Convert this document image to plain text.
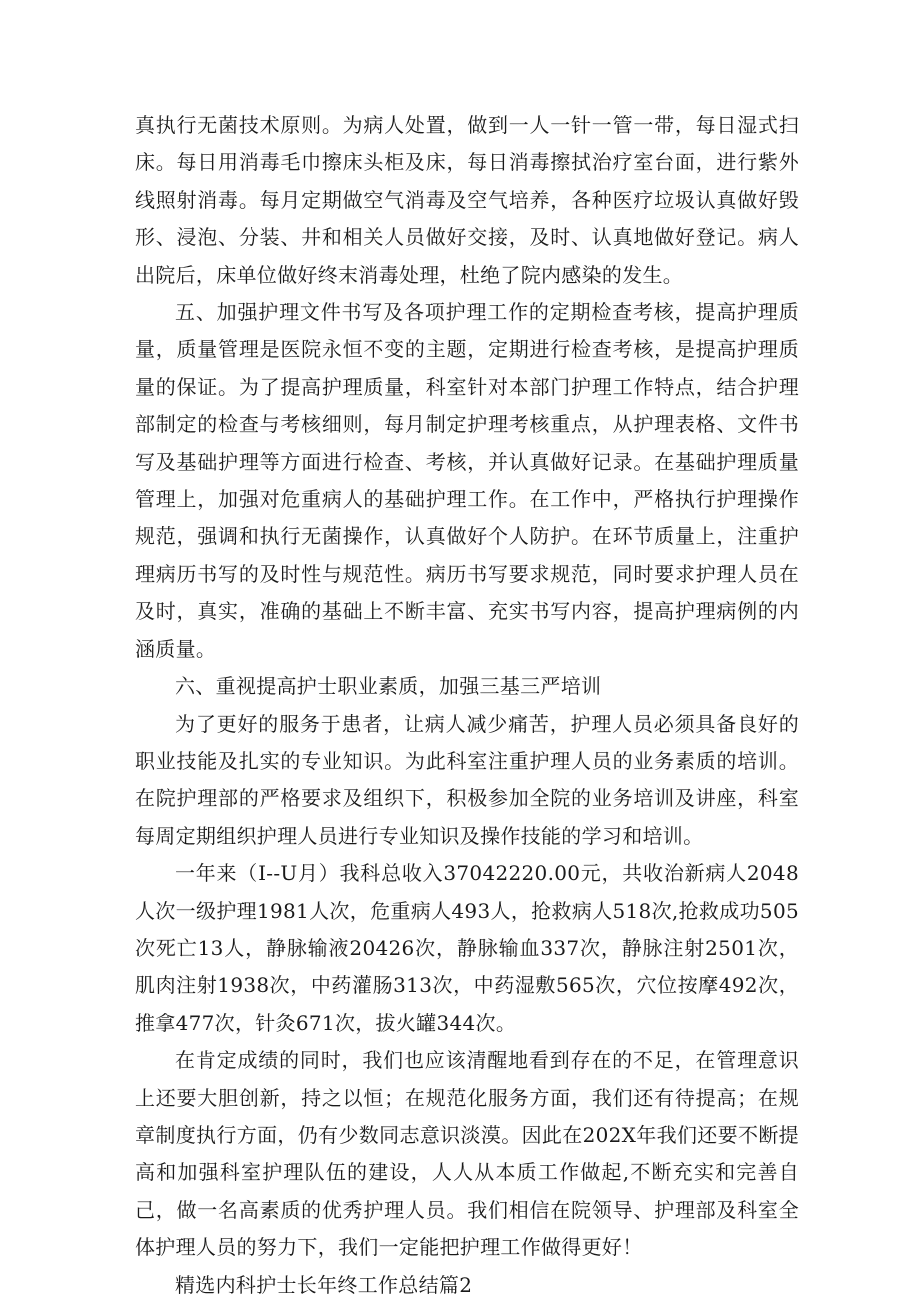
真执行无菌技术原则。为病人处置，做到一人一针一管一带，每日湿式扫床。每日用消毒毛巾擦床头柜及床，每日消毒擦拭治疗室台面，进行紫外线照射消毒。每月定期做空气消毒及空气培养，各种医疗垃圾认真做好毁形、浸泡、分装、井和相关人员做好交接，及时、认真地做好登记。病人出院后，床单位做好终末消毒处理，杜绝了院内感染的发生。

五、加强护理文件书写及各项护理工作的定期检查考核，提高护理质量，质量管理是医院永恒不变的主题，定期进行检查考核，是提高护理质量的保证。为了提高护理质量，科室针对本部门护理工作特点，结合护理部制定的检查与考核细则，每月制定护理考核重点，从护理表格、文件书写及基础护理等方面进行检查、考核，并认真做好记录。在基础护理质量管理上，加强对危重病人的基础护理工作。在工作中，严格执行护理操作规范，强调和执行无菌操作，认真做好个人防护。在环节质量上，注重护理病历书写的及时性与规范性。病历书写要求规范，同时要求护理人员在及时，真实，准确的基础上不断丰富、充实书写内容，提高护理病例的内涵质量。

六、重视提高护士职业素质，加强三基三严培训

为了更好的服务于患者，让病人减少痛苦，护理人员必须具备良好的职业技能及扎实的专业知识。为此科室注重护理人员的业务素质的培训。在院护理部的严格要求及组织下，积极参加全院的业务培训及讲座，科室每周定期组织护理人员进行专业知识及操作技能的学习和培训。

一年来（I--U月）我科总收入37042220.00元，共收治新病人2048人次一级护理1981人次，危重病人493人，抢救病人518次,抢救成功505次死亡13人，静脉输液20426次，静脉输血337次，静脉注射2501次，肌肉注射1938次，中药灌肠313次，中药湿敷565次，穴位按摩492次，推拿477次，针灸671次，拔火罐344次。

在肯定成绩的同时，我们也应该清醒地看到存在的不足，在管理意识上还要大胆创新，持之以恒；在规范化服务方面，我们还有待提高；在规章制度执行方面，仍有少数同志意识淡漠。因此在202X年我们还要不断提高和加强科室护理队伍的建设，人人从本质工作做起,不断充实和完善自己，做一名高素质的优秀护理人员。我们相信在院领导、护理部及科室全体护理人员的努力下，我们一定能把护理工作做得更好！

精选内科护士长年终工作总结篇2
